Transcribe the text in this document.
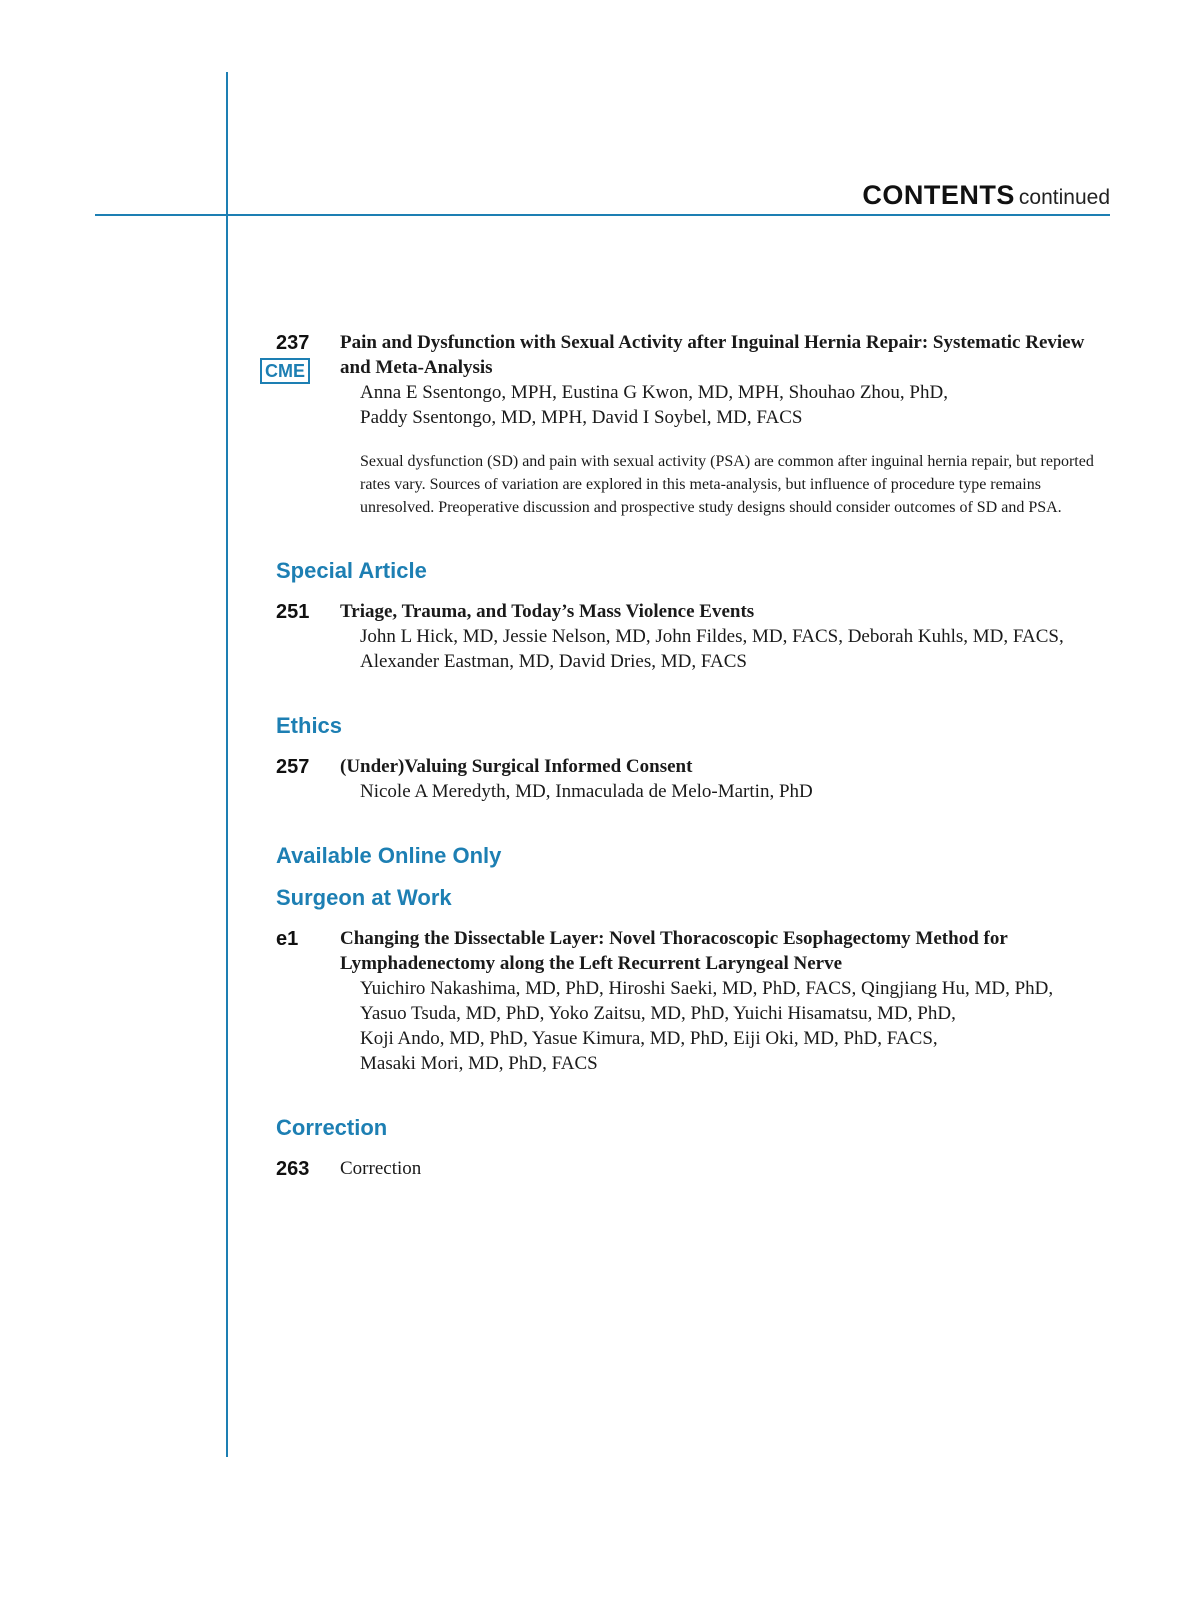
CONTENTS continued
237
CME

Pain and Dysfunction with Sexual Activity after Inguinal Hernia Repair: Systematic Review and Meta-Analysis

Anna E Ssentongo, MPH, Eustina G Kwon, MD, MPH, Shouhao Zhou, PhD,

Paddy Ssentongo, MD, MPH, David I Soybel, MD, FACS

Sexual dysfunction (SD) and pain with sexual activity (PSA) are common after inguinal hernia repair, but reported rates vary. Sources of variation are explored in this meta-analysis, but influence of procedure type remains unresolved. Preoperative discussion and prospective study designs should consider outcomes of SD and PSA.

Special Article
251 Triage, Trauma, and Today’s Mass Violence Events

John L Hick, MD, Jessie Nelson, MD, John Fildes, MD, FACS, Deborah Kuhls, MD, FACS,

Alexander Eastman, MD, David Dries, MD, FACS

Ethics
257 (Under)Valuing Surgical Informed Consent

Nicole A Meredyth, MD, Inmaculada de Melo-Martin, PhD

Available Online Only
Surgeon at Work
e1 Changing the Dissectable Layer: Novel Thoracoscopic Esophagectomy Method for Lymphadenectomy along the Left Recurrent Laryngeal Nerve

Yuichiro Nakashima, MD, PhD, Hiroshi Saeki, MD, PhD, FACS, Qingjiang Hu, MD, PhD,

Yasuo Tsuda, MD, PhD, Yoko Zaitsu, MD, PhD, Yuichi Hisamatsu, MD, PhD,

Koji Ando, MD, PhD, Yasue Kimura, MD, PhD, Eiji Oki, MD, PhD, FACS,

Masaki Mori, MD, PhD, FACS

Correction
263 Correction
